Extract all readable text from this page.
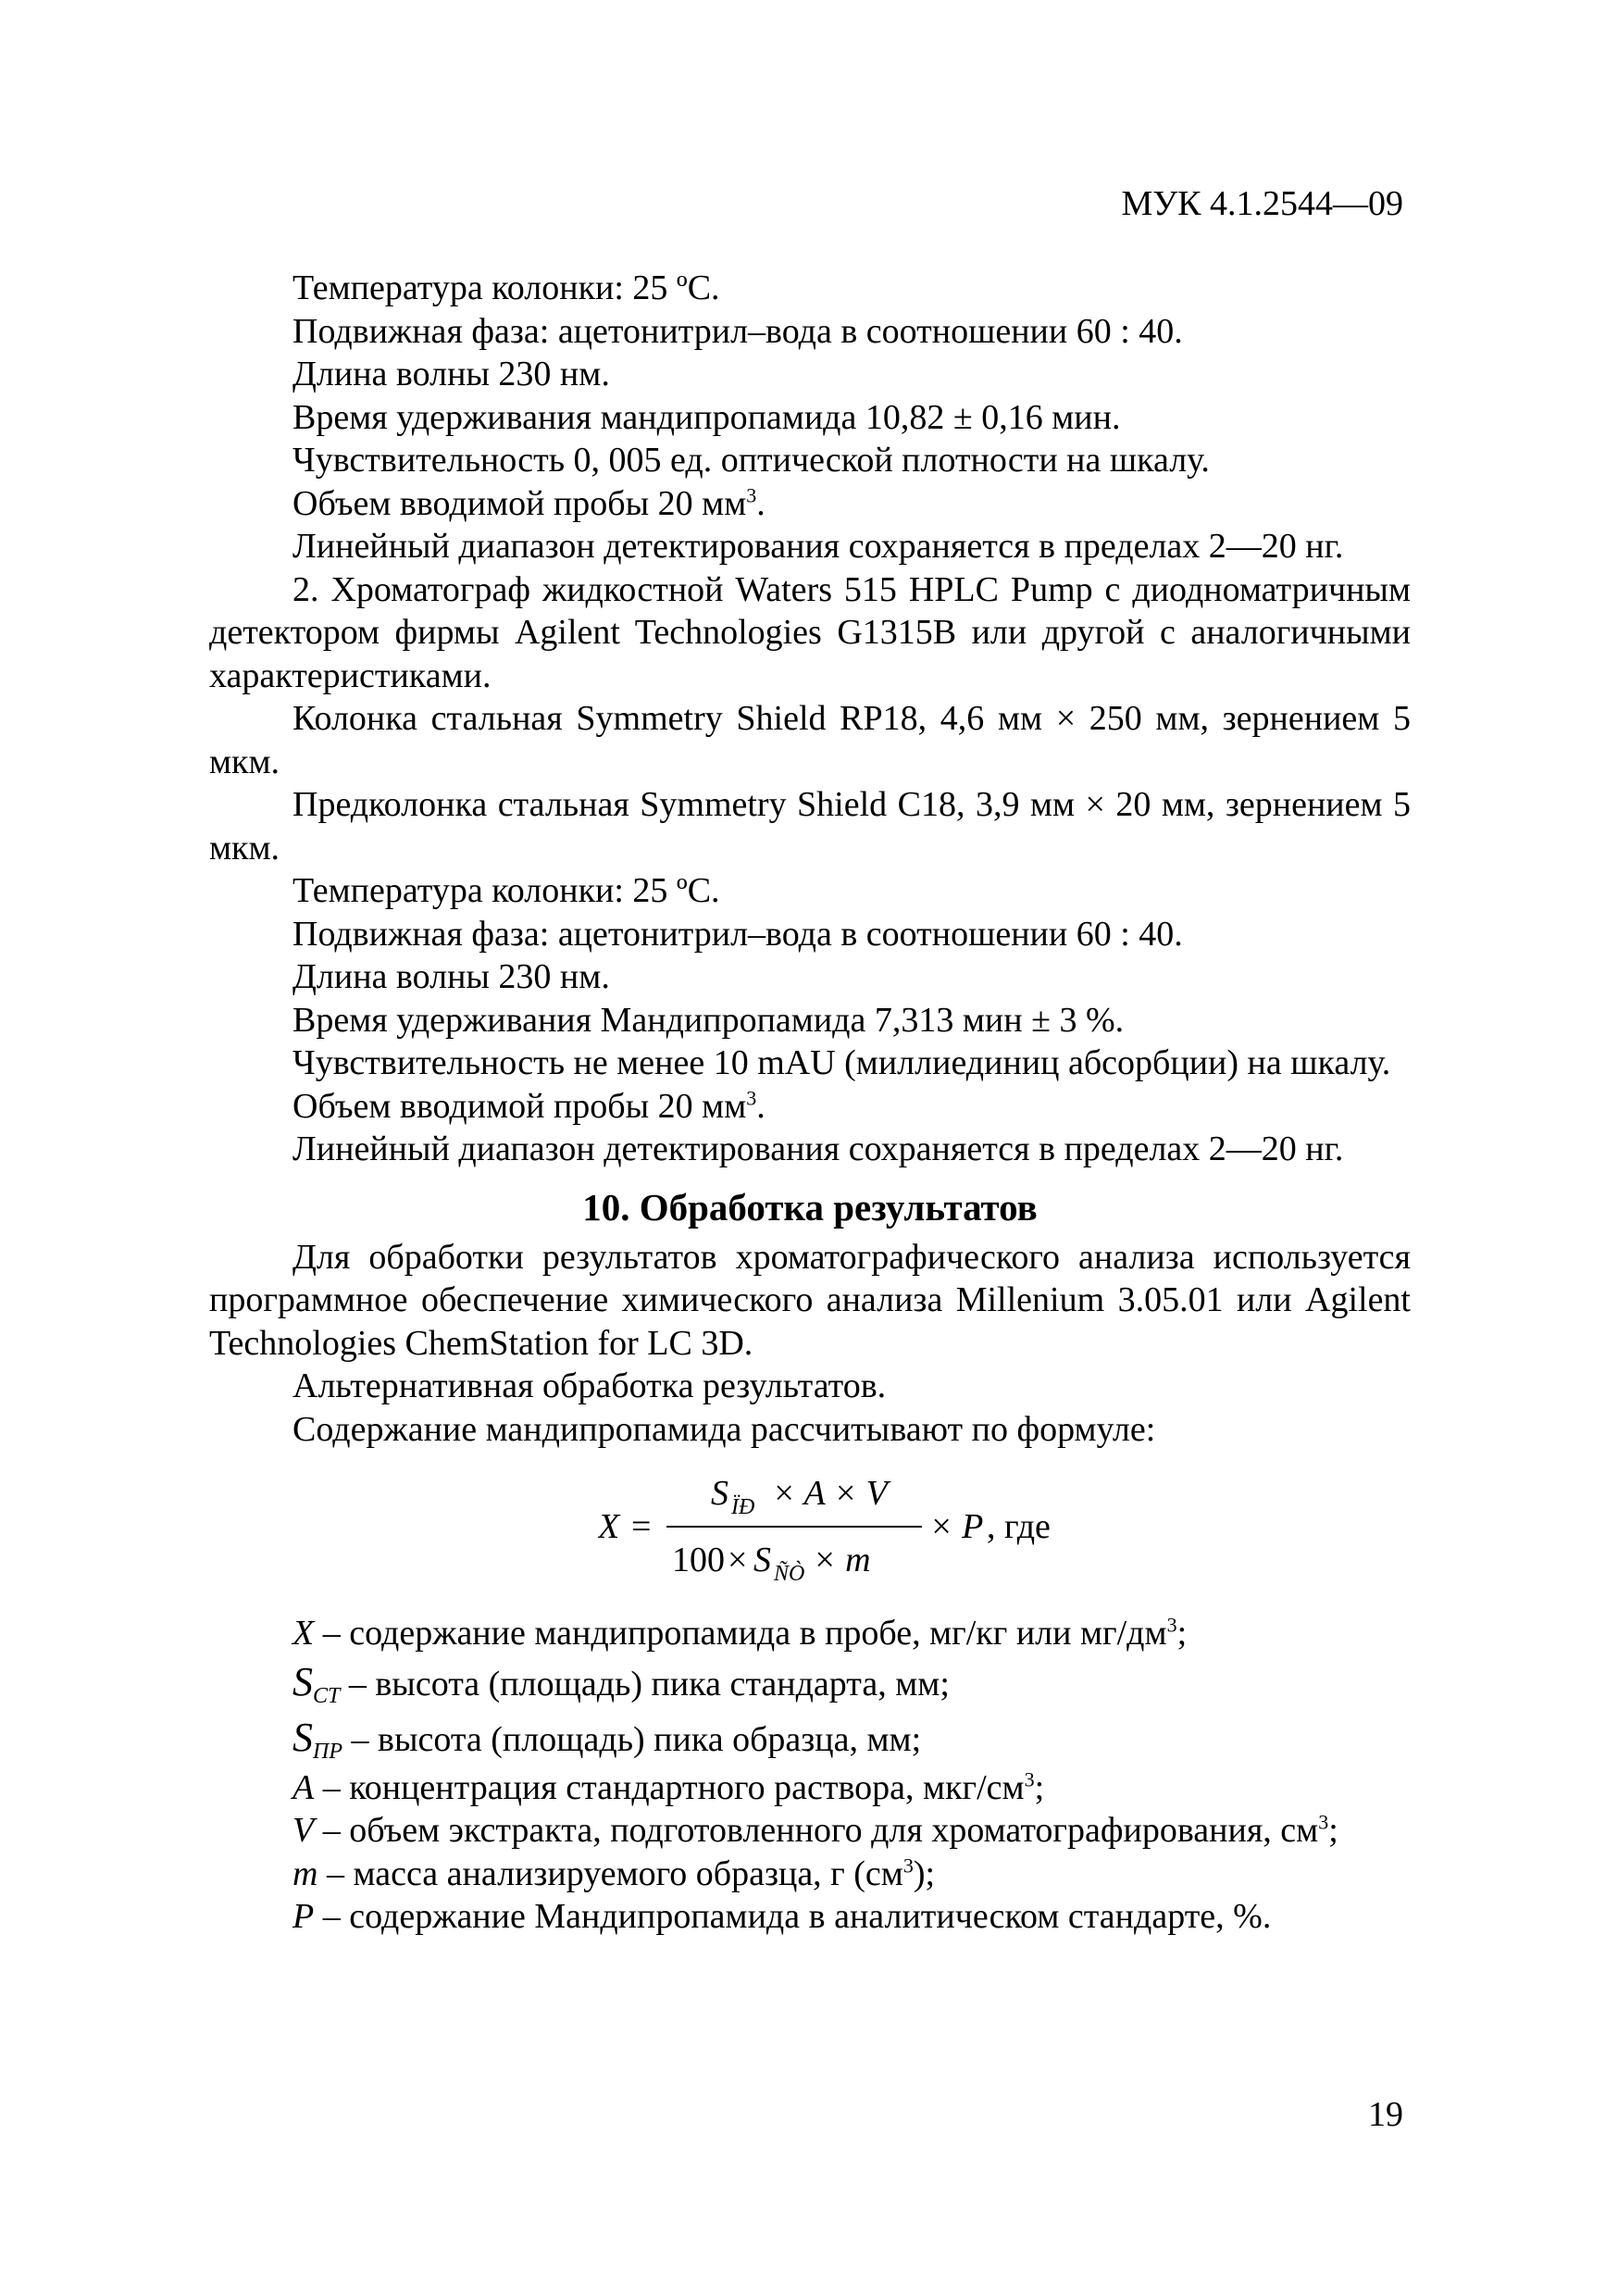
МУК 4.1.2544—09

Температура колонки: 25 ºС.

Подвижная фаза: ацетонитрил–вода в соотношении 60 : 40.

Длина волны 230 нм.

Время удерживания мандипропамида 10,82 ± 0,16 мин.

Чувствительность 0, 005 ед. оптической плотности на шкалу.

Объем вводимой пробы 20 $мм^3$.

Линейный диапазон детектирования сохраняется в пределах 2—20 нг.

2. Хроматограф жидкостной Waters 515 HPLC Pump с диодноматричным детектором фирмы Agilent Technologies G1315B или другой с аналогичными характеристиками.

Колонка стальная Symmetry Shield RP18, 4,6 мм × 250 мм, зернением 5 мкм.

Предколонка стальная Symmetry Shield C18, 3,9 мм × 20 мм, зернением 5 мкм.

Температура колонки: 25 ºС.

Подвижная фаза: ацетонитрил–вода в соотношении 60 : 40.

Длина волны 230 нм.

Время удерживания Мандипропамида 7,313 мин ± 3 %.

Чувствительность не менее 10 mAU (миллиединиц абсорбции) на шкалу.

Объем вводимой пробы 20 $мм^3$.

Линейный диапазон детектирования сохраняется в пределах 2—20 нг.

10. Обработка результатов

Для обработки результатов хроматографического анализа используется программное обеспечение химического анализа Millenium 3.05.01 или Agilent Technologies ChemStation for LC 3D.

Альтернативная обработка результатов.

Содержание мандипропамида рассчитывают по формуле:

X =
S ÏÐ × A × V
100 × S ÑÒ × m
× P , где

X – содержание мандипропамида в пробе, мг/кг или $мг/дм^3$;

$S_{СТ}$ – высота (площадь) пика стандарта, мм;

$S_{ПР}$ – высота (площадь) пика образца, мм;

A – концентрация стандартного раствора, мкг/$см^3$;

V – объем экстракта, подготовленного для хроматографирования, $см^3$;

m – масса анализируемого образца, г $(см^3)$;

P – содержание Мандипропамида в аналитическом стандарте, %.

19
